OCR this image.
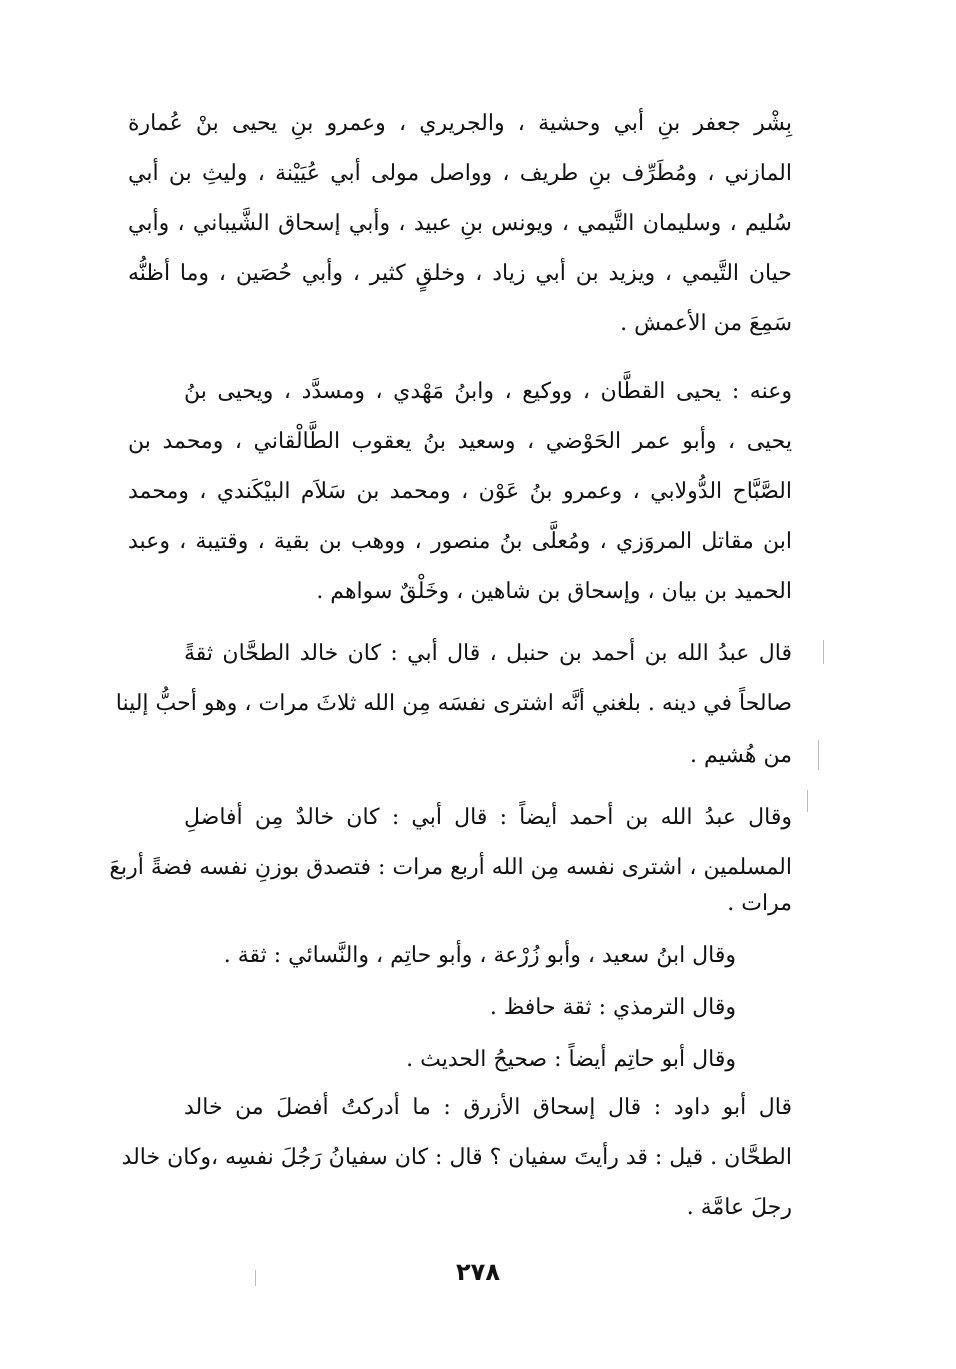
بِشْر جعفر بنِ أبي وحشية ، والجريري ، وعمرو بنِ يحيى بنْ عُمارة
المازني ، ومُطَرِّف بنِ طريف ، وواصل مولى أبي عُيَيْنة ، وليثِ بن أبي
سُليم ، وسليمان التَّيمي ، ويونس بنِ عبيد ، وأبي إسحاق الشَّيباني ، وأبي
حيان التَّيمي ، ويزيد بن أبي زياد ، وخلقٍ كثير ، وأبي حُصَين ، وما أظنُّه
سَمِعَ من الأعمش .
وعنه : يحيى القطَّان ، ووكيع ، وابنُ مَهْدي ، ومسدَّد ، ويحيى بنُ
يحيى ، وأبو عمر الحَوْضي ، وسعيد بنُ يعقوب الطَّالْقاني ، ومحمد بن
الصَّبَّاح الدُّولابي ، وعمرو بنُ عَوْن ، ومحمد بن سَلاَم البيْكَندي ، ومحمد
ابن مقاتل المروَزي ، ومُعلَّى بنُ منصور ، ووهب بن بقية ، وقتيبة ، وعبد
الحميد بن بيان ، وإسحاق بن شاهين ، وخَلْقٌ سواهم .
قال عبدُ الله بن أحمد بن حنبل ، قال أبي : كان خالد الطحَّان ثقةً
صالحاً في دينه . بلغني أنَّه اشترى نفسَه مِن الله ثلاثَ مرات ، وهو أحبُّ إلينا
من هُشيم .
وقال عبدُ الله بن أحمد أيضاً : قال أبي : كان خالدٌ مِن أفاضلِ
المسلمين ، اشترى نفسه مِن الله أربع مرات : فتصدق بوزنِ نفسه فضةً أربعَ
مرات .
وقال ابنُ سعيد ، وأبو زُرْعة ، وأبو حاتِم ، والنَّسائي : ثقة .
وقال الترمذي : ثقة حافظ .
وقال أبو حاتِم أيضاً : صحيحُ الحديث .
قال أبو داود : قال إسحاق الأزرق : ما أدركتُ أفضلَ من خالد
الطحَّان . قيل : قد رأيتَ سفيان ؟ قال : كان سفيانُ رَجُلَ نفسِه ،وكان خالد
رجلَ عامَّة .
٢٧٨
